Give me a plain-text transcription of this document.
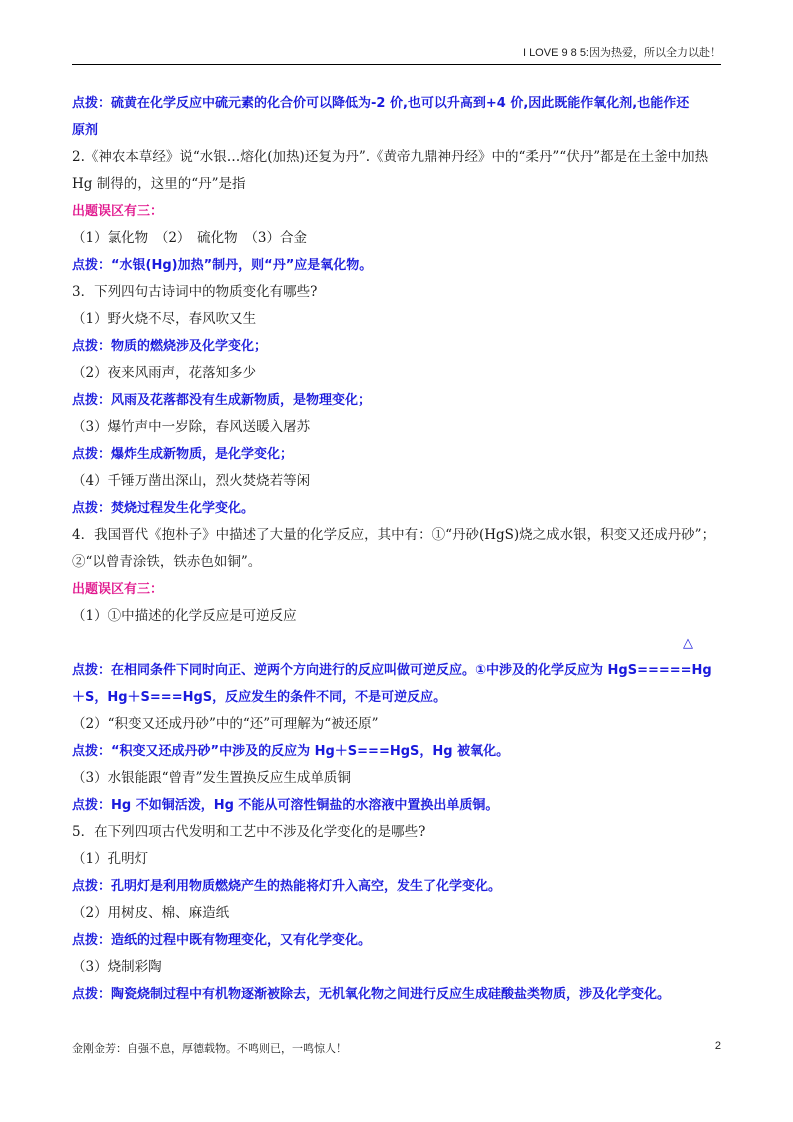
I LOVE 9 8 5:因为热爱，所以全力以赴！
点拨：硫黄在化学反应中硫元素的化合价可以降低为-2 价,也可以升高到+4 价,因此既能作氧化剂,也能作还
原剂
2.《神农本草经》说“水银…熔化(加热)还复为丹”.《黄帝九鼎神丹经》中的“柔丹”“伏丹”都是在土釜中加热
Hg 制得的，这里的“丹”是指
出题误区有三：
（1）氯化物　（2）　硫化物　（3）合金
点拨：“水银(Hg)加热”制丹，则“丹”应是氧化物。
3．下列四句古诗词中的物质变化有哪些?
（1）野火烧不尽，春风吹又生
点拨：物质的燃烧涉及化学变化；
（2）夜来风雨声，花落知多少
点拨：风雨及花落都没有生成新物质，是物理变化；
（3）爆竹声中一岁除，春风送暖入屠苏
点拨：爆炸生成新物质，是化学变化；
（4）千锤万凿出深山，烈火焚烧若等闲
点拨：焚烧过程发生化学变化。
4．我国晋代《抱朴子》中描述了大量的化学反应，其中有：①“丹砂(HgS)烧之成水银，积变又还成丹砂”；
②“以曾青涂铁，铁赤色如铜”。
出题误区有三：
（1）①中描述的化学反应是可逆反应
△
点拨：在相同条件下同时向正、逆两个方向进行的反应叫做可逆反应。①中涉及的化学反应为 HgS=====Hg
＋S，Hg＋S===HgS，反应发生的条件不同，不是可逆反应。
（2）“积变又还成丹砂”中的“还”可理解为“被还原”
点拨：“积变又还成丹砂”中涉及的反应为 Hg＋S===HgS，Hg 被氧化。
（3）水银能跟“曾青”发生置换反应生成单质铜
点拨：Hg 不如铜活泼，Hg 不能从可溶性铜盐的水溶液中置换出单质铜。
5．在下列四项古代发明和工艺中不涉及化学变化的是哪些?
（1）孔明灯
点拨：孔明灯是利用物质燃烧产生的热能将灯升入高空，发生了化学变化。
（2）用树皮、棉、麻造纸
点拨：造纸的过程中既有物理变化，又有化学变化。
（3）烧制彩陶
点拨：陶瓷烧制过程中有机物逐渐被除去，无机氧化物之间进行反应生成硅酸盐类物质，涉及化学变化。
金刚金芳：自强不息，厚德载物。不鸣则已，一鸣惊人！	2
